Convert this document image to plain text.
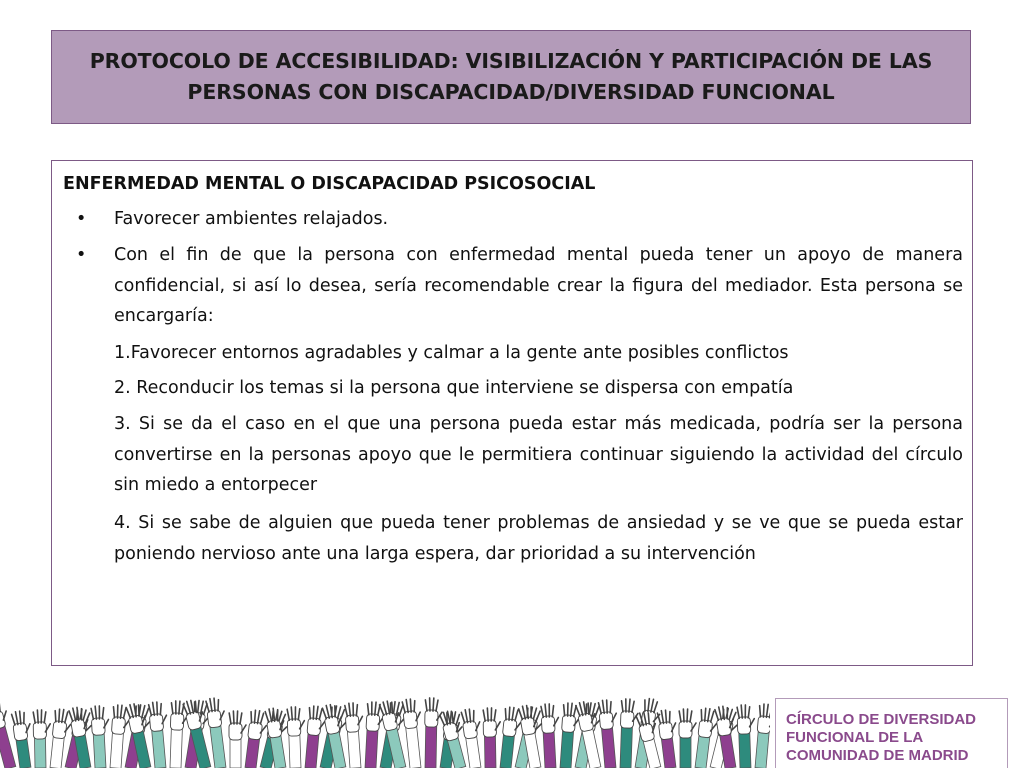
PROTOCOLO DE ACCESIBILIDAD: VISIBILIZACIÓN Y PARTICIPACIÓN DE LAS PERSONAS CON DISCAPACIDAD/DIVERSIDAD FUNCIONAL
ENFERMEDAD MENTAL O DISCAPACIDAD PSICOSOCIAL
• Favorecer ambientes relajados.
• Con el fin de que la persona con enfermedad mental pueda tener un apoyo de manera confidencial, si así lo desea, sería recomendable crear la figura del mediador. Esta persona se encargaría:
1.Favorecer entornos agradables y calmar a la gente ante posibles conflictos
2. Reconducir los temas si la persona que interviene se dispersa con empatía
3. Si se da el caso en el que una persona pueda estar más medicada, podría ser la persona convertirse en la personas apoyo que le permitiera continuar siguiendo la actividad del círculo sin miedo a entorpecer
4. Si se sabe de alguien que pueda tener problemas de ansiedad y se ve que se pueda estar poniendo nervioso ante una larga espera, dar prioridad a su intervención
CÍRCULO DE DIVERSIDAD
FUNCIONAL DE LA
COMUNIDAD DE MADRID
